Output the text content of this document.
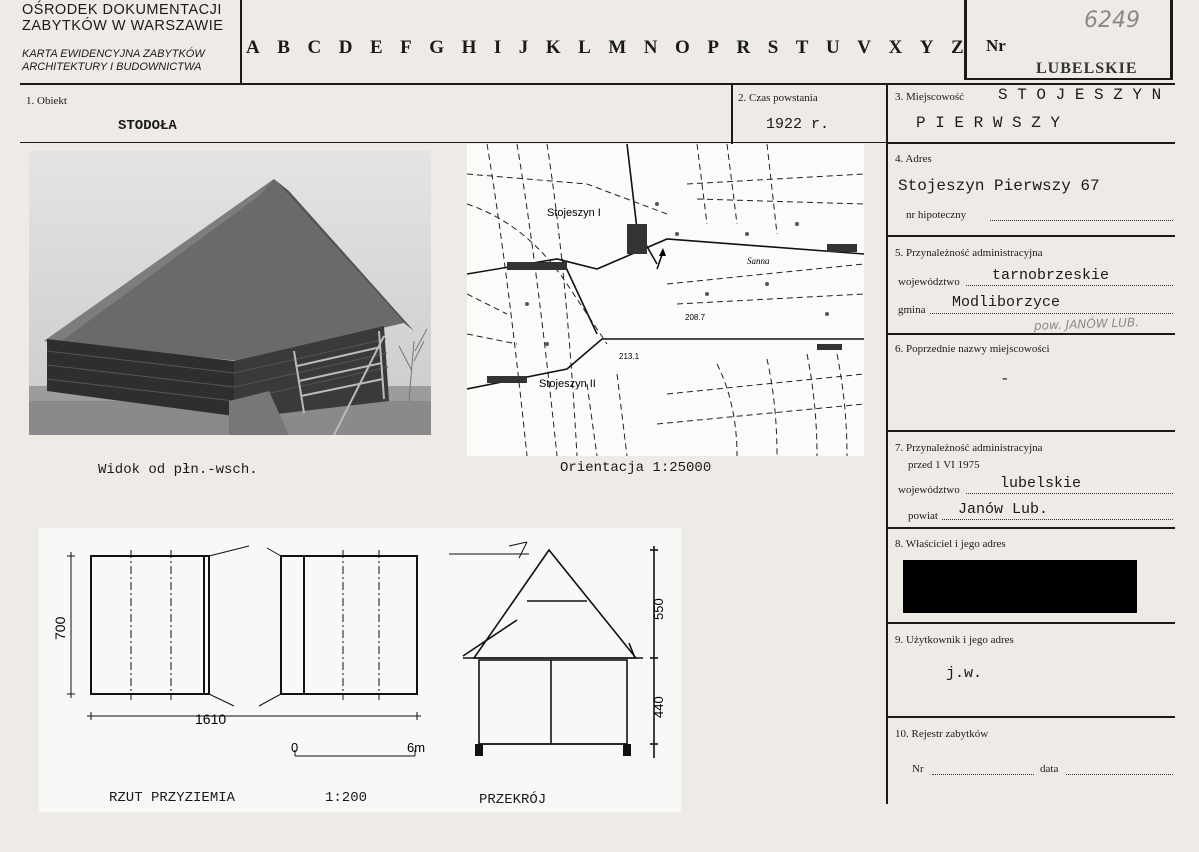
OŚRODEK DOKUMENTACJI
ZABYTKÓW W WARSZAWIE
KARTA EWIDENCYJNA ZABYTKÓW
ARCHITEKTURY I BUDOWNICTWA
A B C D E F G H I J K L M N O P R S T U V X Y Z Nr
6249
LUBELSKIE
1. Obiekt
STODOŁA
2. Czas powstania
1922 r.
3. Miejscowość S T O J E S Z Y N
P I E R W S Z Y
Widok od płn.-wsch.
Stojeszyn I
Stojeszyn II
Sanna
208.7
213.1
Orientacja 1:25000
700
1610
0	6m
550
440
RZUT PRZYZIEMIA	1:200	PRZEKRÓJ
4. Adres
Stojeszyn Pierwszy 67
nr hipoteczny
5. Przynależność administracyjna
województwo tarnobrzeskie
gmina Modliborzyce
pow. JANÓW LUB.
6. Poprzednie nazwy miejscowości
-
7. Przynależność administracyjna
przed 1 VI 1975
województwo	lubelskie
powiat Janów Lub.
8. Właściciel i jego adres
9. Użytkownik i jego adres
j.w.
10. Rejestr zabytków
Nr	data
